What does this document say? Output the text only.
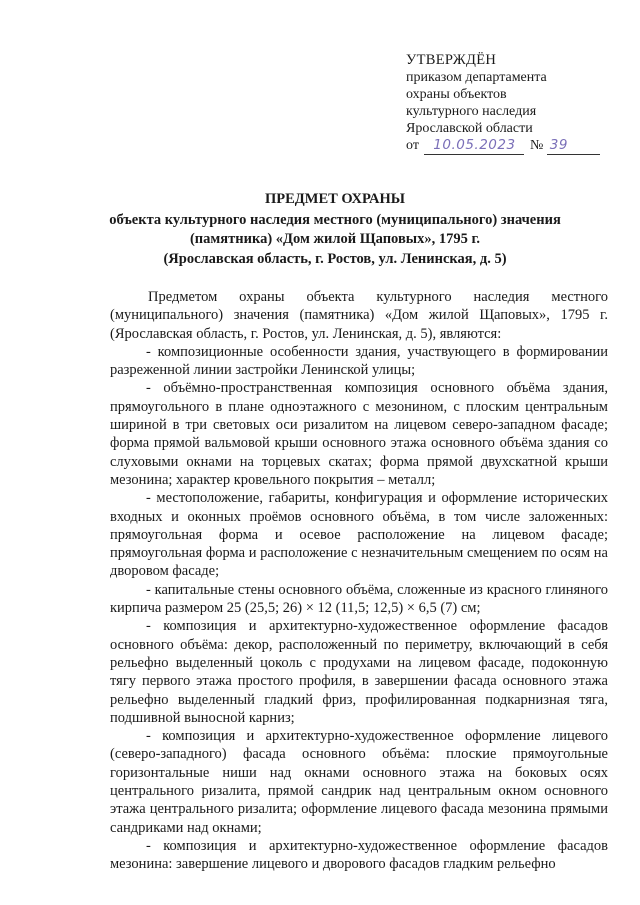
УТВЕРЖДЁН
приказом департамента
охраны объектов
культурного наследия
Ярославской области
от 10.05.2023 № 39
ПРЕДМЕТ ОХРАНЫ
объекта культурного наследия местного (муниципального) значения
(памятника) «Дом жилой Щаповых», 1795 г.
(Ярославская область, г. Ростов, ул. Ленинская, д. 5)

Предметом охраны объекта культурного наследия местного (муниципального) значения (памятника) «Дом жилой Щаповых», 1795 г. (Ярославская область, г. Ростов, ул. Ленинская, д. 5), являются:

- композиционные особенности здания, участвующего в формировании разреженной линии застройки Ленинской улицы;

- объёмно-пространственная композиция основного объёма здания, прямоугольного в плане одноэтажного с мезонином, с плоским центральным шириной в три световых оси ризалитом на лицевом северо-западном фасаде; форма прямой вальмовой крыши основного этажа основного объёма здания со слуховыми окнами на торцевых скатах; форма прямой двухскатной крыши мезонина; характер кровельного покрытия – металл;

- местоположение, габариты, конфигурация и оформление исторических входных и оконных проёмов основного объёма, в том числе заложенных: прямоугольная форма и осевое расположение на лицевом фасаде; прямоугольная форма и расположение с незначительным смещением по осям на дворовом фасаде;

- капитальные стены основного объёма, сложенные из красного глиняного кирпича размером 25 (25,5; 26) × 12 (11,5; 12,5) × 6,5 (7) см;

- композиция и архитектурно-художественное оформление фасадов основного объёма: декор, расположенный по периметру, включающий в себя рельефно выделенный цоколь с продухами на лицевом фасаде, подоконную тягу первого этажа простого профиля, в завершении фасада основного этажа рельефно выделенный гладкий фриз, профилированная подкарнизная тяга, подшивной выносной карниз;

- композиция и архитектурно-художественное оформление лицевого (северо-западного) фасада основного объёма: плоские прямоугольные горизонтальные ниши над окнами основного этажа на боковых осях центрального ризалита, прямой сандрик над центральным окном основного этажа центрального ризалита; оформление лицевого фасада мезонина прямыми сандриками над окнами;

- композиция и архитектурно-художественное оформление фасадов мезонина: завершение лицевого и дворового фасадов гладким рельефно
